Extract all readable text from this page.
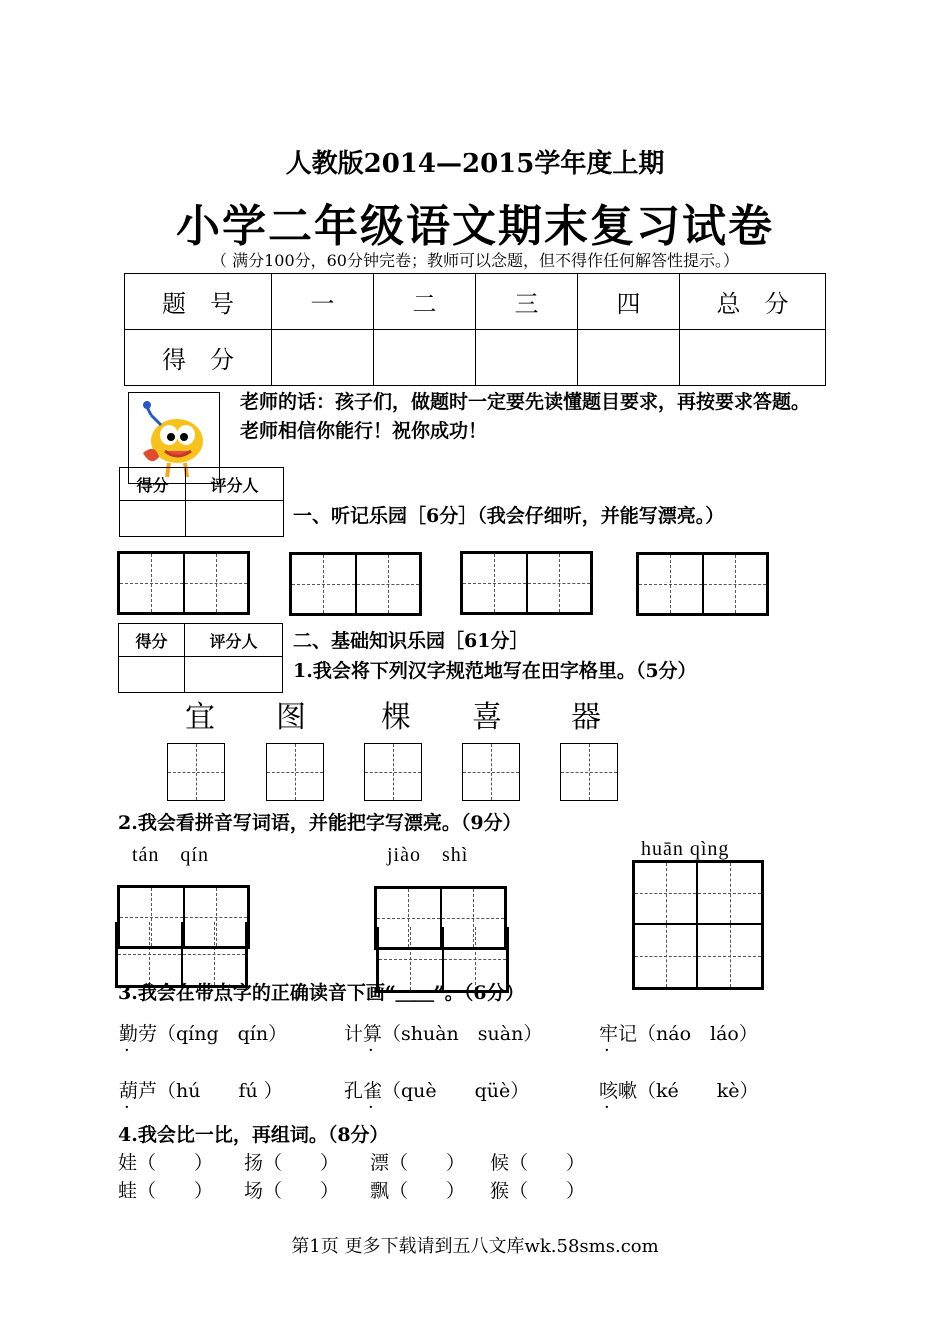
人教版2014—2015学年度上期
小学二年级语文期末复习试卷
（ 满分100分，60分钟完卷；教师可以念题，但不得作任何解答性提示。）
题　号	一	二	三	四	总　分
得　分					
老师的话：孩子们，做题时一定要先读懂题目要求，再按要求答题。老师相信你能行！祝你成功！
得分	评分人

一、听记乐园［6分］（我会仔细听，并能写漂亮。）
得分	评分人
	二、基础知识乐园［61分］
1.我会将下列汉字规范地写在田字格里。（5分）
宜 图	棵 喜 器
2.我会看拼音写词语，并能把字写漂亮。（9分）
tán　qín	jiào　shì	huān qìng
3.我会在带点字的正确读音下画“＿＿”。（6分）
勤劳（qíng　qín）	计算（shuàn　suàn）	牢记（náo　láo）
葫芦（hú　　fú ）	孔雀（què　　qüè）	咳嗽（ké　　kè）
·	·	·
·	·	·
4.我会比一比，再组词。（8分）
娃（　　） 扬（　　） 漂（　　） 候（　　）
蛙（　　） 场（　　） 飘（　　） 猴（　　）
第1页 更多下载请到五八文库wk.58sms.com
